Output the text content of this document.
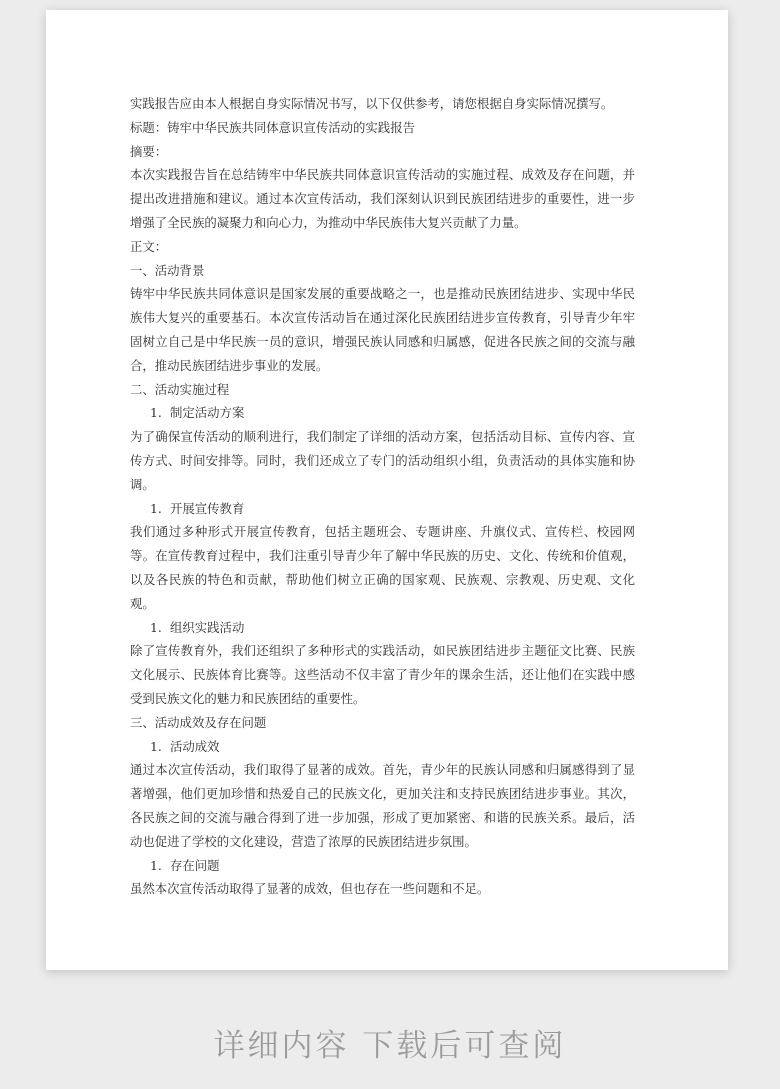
实践报告应由本人根据自身实际情况书写，以下仅供参考，请您根据自身实际情况撰写。

标题：铸牢中华民族共同体意识宣传活动的实践报告

摘要：

本次实践报告旨在总结铸牢中华民族共同体意识宣传活动的实施过程、成效及存在问题，并提出改进措施和建议。通过本次宣传活动，我们深刻认识到民族团结进步的重要性，进一步增强了全民族的凝聚力和向心力，为推动中华民族伟大复兴贡献了力量。

正文：

一、活动背景

铸牢中华民族共同体意识是国家发展的重要战略之一，也是推动民族团结进步、实现中华民族伟大复兴的重要基石。本次宣传活动旨在通过深化民族团结进步宣传教育，引导青少年牢固树立自己是中华民族一员的意识，增强民族认同感和归属感，促进各民族之间的交流与融合，推动民族团结进步事业的发展。

二、活动实施过程

1. 制定活动方案

为了确保宣传活动的顺利进行，我们制定了详细的活动方案，包括活动目标、宣传内容、宣传方式、时间安排等。同时，我们还成立了专门的活动组织小组，负责活动的具体实施和协调。

1. 开展宣传教育

我们通过多种形式开展宣传教育，包括主题班会、专题讲座、升旗仪式、宣传栏、校园网等。在宣传教育过程中，我们注重引导青少年了解中华民族的历史、文化、传统和价值观，以及各民族的特色和贡献，帮助他们树立正确的国家观、民族观、宗教观、历史观、文化观。

1. 组织实践活动

除了宣传教育外，我们还组织了多种形式的实践活动，如民族团结进步主题征文比赛、民族文化展示、民族体育比赛等。这些活动不仅丰富了青少年的课余生活，还让他们在实践中感受到民族文化的魅力和民族团结的重要性。

三、活动成效及存在问题

1. 活动成效

通过本次宣传活动，我们取得了显著的成效。首先，青少年的民族认同感和归属感得到了显著增强，他们更加珍惜和热爱自己的民族文化，更加关注和支持民族团结进步事业。其次，各民族之间的交流与融合得到了进一步加强，形成了更加紧密、和谐的民族关系。最后，活动也促进了学校的文化建设，营造了浓厚的民族团结进步氛围。

1. 存在问题

虽然本次宣传活动取得了显著的成效，但也存在一些问题和不足。

详细内容 下载后可查阅
